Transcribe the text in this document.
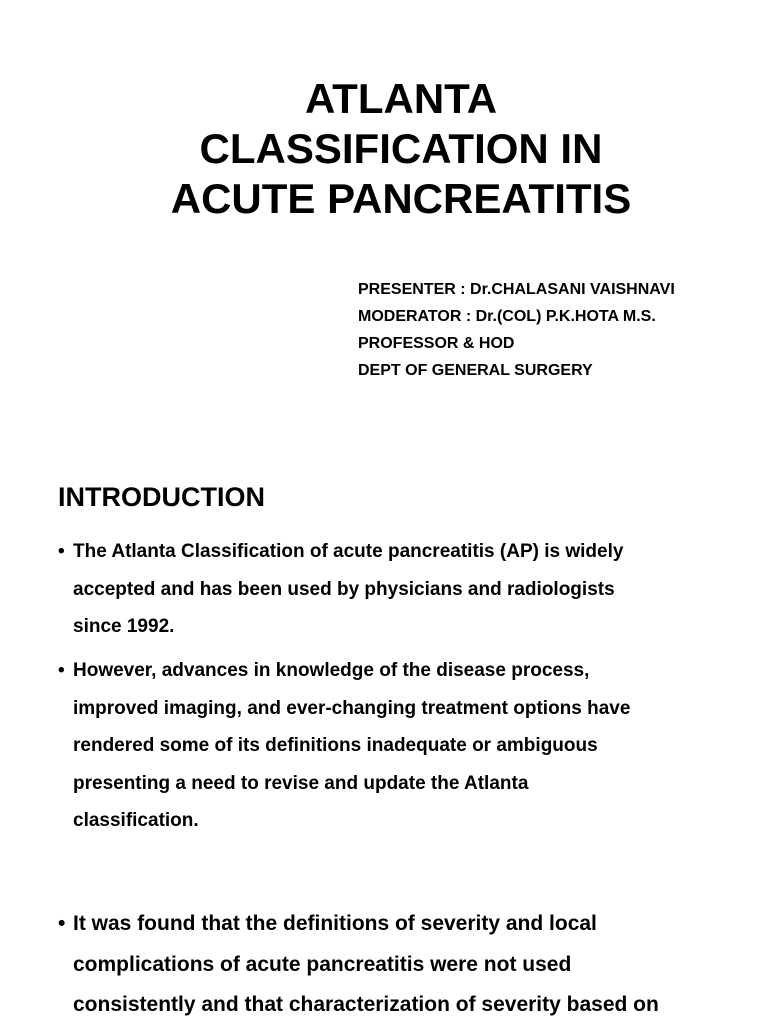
ATLANTA
CLASSIFICATION IN
ACUTE PANCREATITIS
PRESENTER : Dr.CHALASANI VAISHNAVI
MODERATOR : Dr.(COL) P.K.HOTA M.S.
PROFESSOR & HOD
DEPT OF GENERAL SURGERY
INTRODUCTION
• The Atlanta Classification of acute pancreatitis (AP) is widely
accepted and has been used by physicians and radiologists
since 1992.
• However, advances in knowledge of the disease process,
improved imaging, and ever-changing treatment options have
rendered some of its definitions inadequate or ambiguous
presenting a need to revise and update the Atlanta
classification.
• It was found that the definitions of severity and local
complications of acute pancreatitis were not used
consistently and that characterization of severity based on
